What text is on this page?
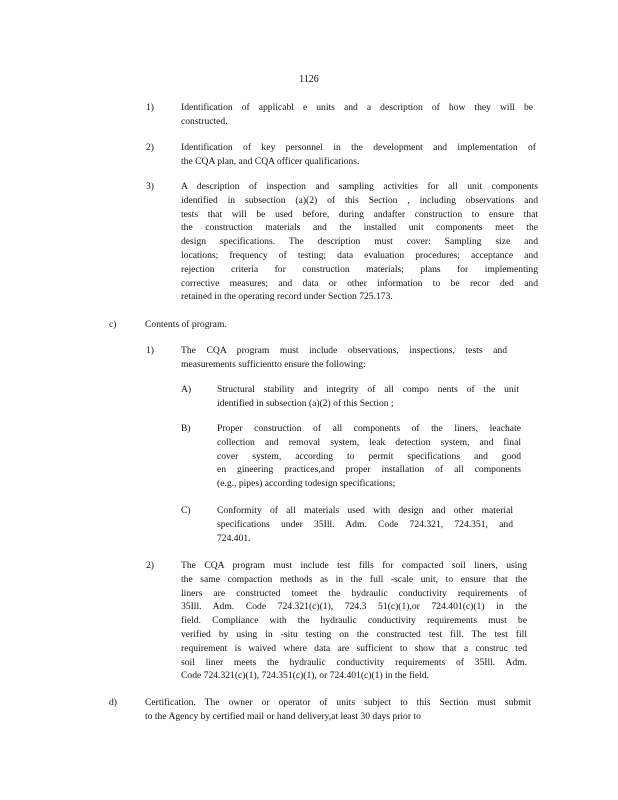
1126
1)	Identification of applicabl e units and a description of how they will be
constructed.
2)	Identification of key personnel in the development and implementation of
the CQA plan, and CQA officer qualifications.
3)	A description of inspection and sampling activities for all unit components
identified in subsection (a)(2) of this Section , including observations and
tests that will be used before, during andafter construction to ensure that
the construction materials and the installed unit components meet the
design specifications. The description must cover: Sampling size and
locations; frequency of testing; data evaluation procedures; acceptance and
rejection criteria for construction materials; plans for implementing
corrective measures; and data or other information to be recor ded and
retained in the operating record under Section 725.173.
c)	Contents of program.
1)	The CQA program must include observations, inspections, tests and
measurements sufficientto ensure the following:
A)	Structural stability and integrity of all compo nents of the unit
identified in subsection (a)(2) of this Section ;
B)	Proper construction of all components of the liners, leachate
collection and removal system, leak detection system, and final
cover system, according to permit specifications and good
en gineering practices,and proper installation of all components
(e.g., pipes) according todesign specifications;
C)	Conformity of all materials used with design and other material
specifications under 35Ill. Adm. Code 724.321, 724.351, and
724.401.
2)	The CQA program must include test fills for compacted soil liners, using
the same compaction methods as in the full -scale unit, to ensure that the
liners are constructed tomeet the hydraulic conductivity requirements of
35Ill. Adm. Code 724.321(c)(1), 724.3 51(c)(1),or 724.401(c)(1) in the
field. Compliance with the hydraulic conductivity requirements must be
verified by using in -situ testing on the constructed test fill. The test fill
requirement is waived where data are sufficient to show that a construc ted
soil liner meets the hydraulic conductivity requirements of 35Ill. Adm.
Code 724.321(c)(1), 724.351(c)(1), or 724.401(c)(1) in the field.
d)	Certification. The owner or operator of units subject to this Section must submit
to the Agency by certified mail or hand delivery,at least 30 days prior to
